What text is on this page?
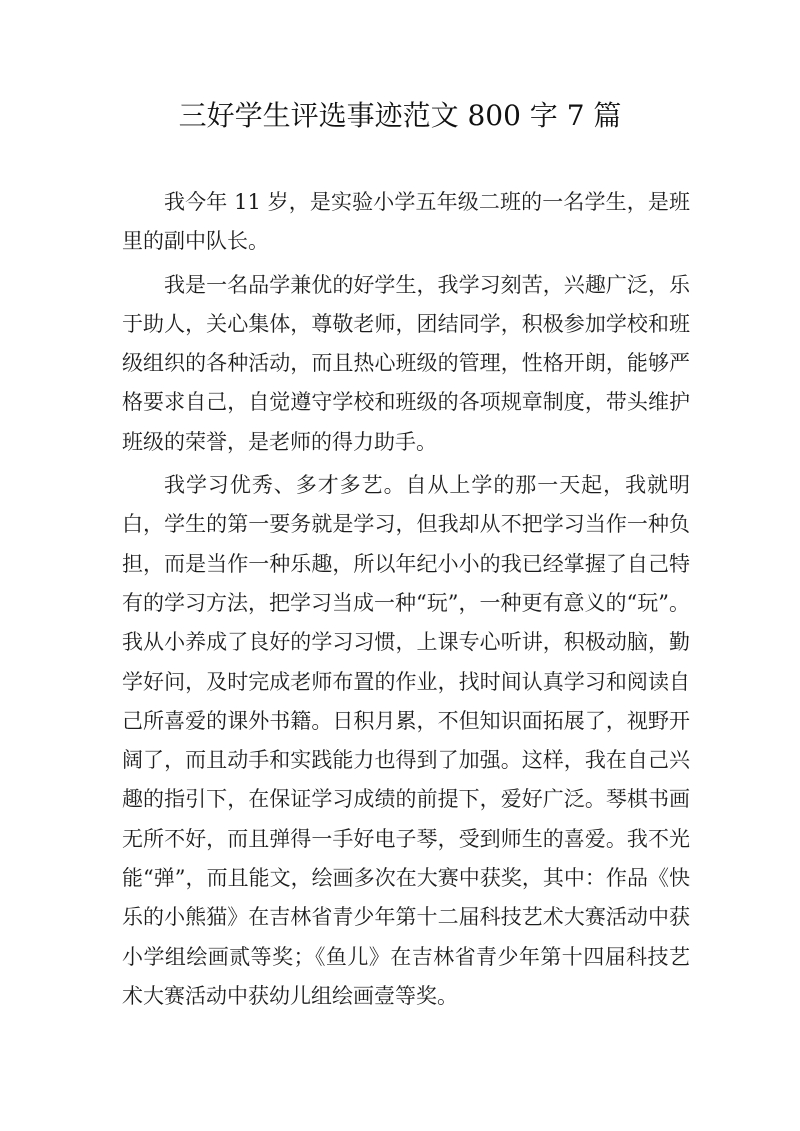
三好学生评选事迹范文 800 字 7 篇

我今年 11 岁，是实验小学五年级二班的一名学生，是班里的副中队长。

我是一名品学兼优的好学生，我学习刻苦，兴趣广泛，乐于助人，关心集体，尊敬老师，团结同学，积极参加学校和班级组织的各种活动，而且热心班级的管理，性格开朗，能够严格要求自己，自觉遵守学校和班级的各项规章制度，带头维护班级的荣誉，是老师的得力助手。

我学习优秀、多才多艺。自从上学的那一天起，我就明白，学生的第一要务就是学习，但我却从不把学习当作一种负担，而是当作一种乐趣，所以年纪小小的我已经掌握了自己特有的学习方法，把学习当成一种“玩”，一种更有意义的“玩”。我从小养成了良好的学习习惯，上课专心听讲，积极动脑，勤学好问，及时完成老师布置的作业，找时间认真学习和阅读自己所喜爱的课外书籍。日积月累，不但知识面拓展了，视野开阔了，而且动手和实践能力也得到了加强。这样，我在自己兴趣的指引下，在保证学习成绩的前提下，爱好广泛。琴棋书画无所不好，而且弹得一手好电子琴，受到师生的喜爱。我不光能“弹”，而且能文，绘画多次在大赛中获奖，其中：作品《快乐的小熊猫》在吉林省青少年第十二届科技艺术大赛活动中获小学组绘画贰等奖；《鱼儿》在吉林省青少年第十四届科技艺术大赛活动中获幼儿组绘画壹等奖。
